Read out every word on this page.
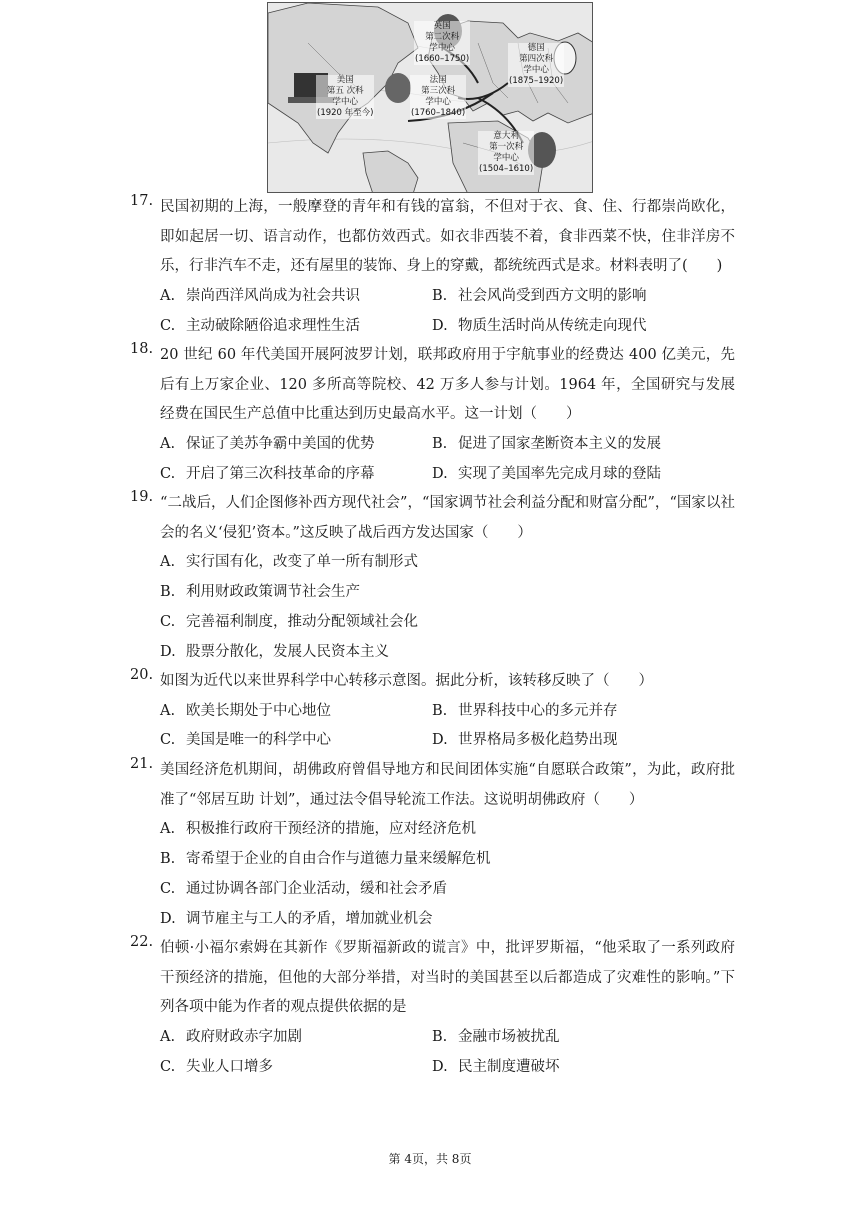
英国
第二次科
学中心
(1660–1750)
德国
第四次科
学中心
(1875–1920)
美国
第五 次科
学中心
(1920 年至今)
法国
第三次科
学中心
(1760–1840)
意大利
第一次科
学中心
(1504–1610)
17. 民国初期的上海，一般摩登的青年和有钱的富翁，不但对于衣、食、住、行都崇尚欧化，即如起居一切、语言动作，也都仿效西式。如衣非西装不着，食非西菜不快，住非洋房不乐，行非汽车不走，还有屋里的装饰、身上的穿戴，都统统西式是求。材料表明了(　　)
A. 崇尚西洋风尚成为社会共识	B. 社会风尚受到西方文明的影响
C. 主动破除陋俗追求理性生活	D. 物质生活时尚从传统走向现代
18. 20 世纪 60 年代美国开展阿波罗计划，联邦政府用于宇航事业的经费达 400 亿美元，先后有上万家企业、120 多所高等院校、42 万多人参与计划。1964 年，全国研究与发展经费在国民生产总值中比重达到历史最高水平。这一计划（　　）
A. 保证了美苏争霸中美国的优势	B. 促进了国家垄断资本主义的发展
C. 开启了第三次科技革命的序幕	D. 实现了美国率先完成月球的登陆
19. “二战后，人们企图修补西方现代社会”，“国家调节社会利益分配和财富分配”，“国家以社会的名义‘侵犯’资本。”这反映了战后西方发达国家（　　）
A. 实行国有化，改变了单一所有制形式
B. 利用财政政策调节社会生产
C. 完善福利制度，推动分配领域社会化
D. 股票分散化，发展人民资本主义
20. 如图为近代以来世界科学中心转移示意图。据此分析，该转移反映了（　　）
A. 欧美长期处于中心地位	B. 世界科技中心的多元并存
C. 美国是唯一的科学中心	D. 世界格局多极化趋势出现
21. 美国经济危机期间，胡佛政府曾倡导地方和民间团体实施“自愿联合政策”，为此，政府批准了“邻居互助 计划”，通过法令倡导轮流工作法。这说明胡佛政府（　　）
A. 积极推行政府干预经济的措施，应对经济危机
B. 寄希望于企业的自由合作与道德力量来缓解危机
C. 通过协调各部门企业活动，缓和社会矛盾
D. 调节雇主与工人的矛盾，增加就业机会
22. 伯顿·小福尔索姆在其新作《罗斯福新政的谎言》中，批评罗斯福，“他采取了一系列政府干预经济的措施，但他的大部分举措，对当时的美国甚至以后都造成了灾难性的影响。”下列各项中能为作者的观点提供依据的是
A. 政府财政赤字加剧	B. 金融市场被扰乱
C. 失业人口增多	D. 民主制度遭破坏
第 4页，共 8页
